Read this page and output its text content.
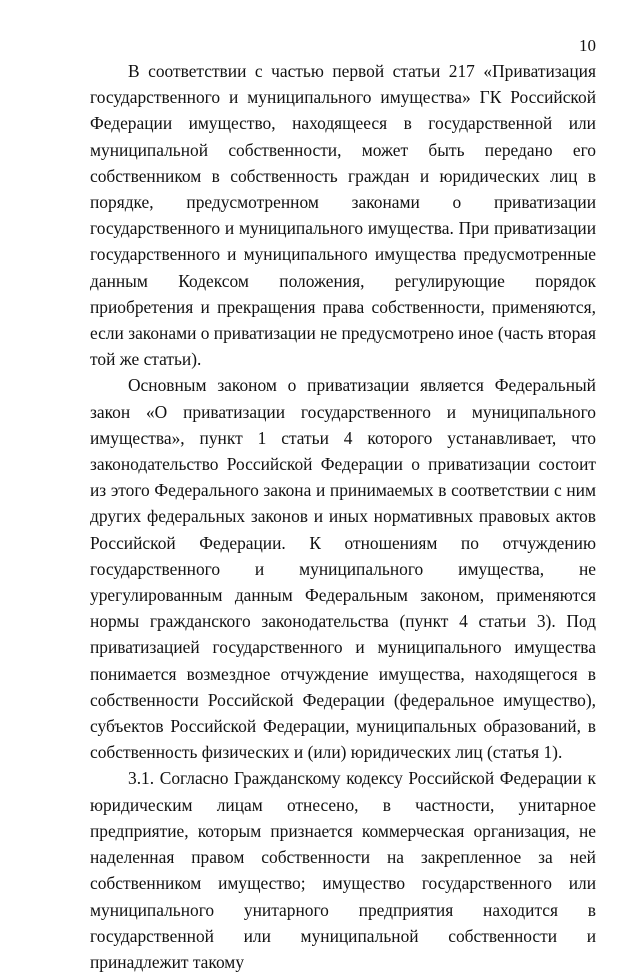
10

В соответствии с частью первой статьи 217 «Приватизация государственного и муниципального имущества» ГК Российской Федерации имущество, находящееся в государственной или муниципальной собственности, может быть передано его собственником в собственность граждан и юридических лиц в порядке, предусмотренном законами о приватизации государственного и муниципального имущества. При приватизации государственного и муниципального имущества предусмотренные данным Кодексом положения, регулирующие порядок приобретения и прекращения права собственности, применяются, если законами о приватизации не предусмотрено иное (часть вторая той же статьи).

Основным законом о приватизации является Федеральный закон «О приватизации государственного и муниципального имущества», пункт 1 статьи 4 которого устанавливает, что законодательство Российской Федерации о приватизации состоит из этого Федерального закона и принимаемых в соответствии с ним других федеральных законов и иных нормативных правовых актов Российской Федерации. К отношениям по отчуждению государственного и муниципального имущества, не урегулированным данным Федеральным законом, применяются нормы гражданского законодательства (пункт 4 статьи 3). Под приватизацией государственного и муниципального имущества понимается возмездное отчуждение имущества, находящегося в собственности Российской Федерации (федеральное имущество), субъектов Российской Федерации, муниципальных образований, в собственность физических и (или) юридических лиц (статья 1).

3.1. Согласно Гражданскому кодексу Российской Федерации к юридическим лицам отнесено, в частности, унитарное предприятие, которым признается коммерческая организация, не наделенная правом собственности на закрепленное за ней собственником имущество; имущество государственного или муниципального унитарного предприятия находится в государственной или муниципальной собственности и принадлежит такому
